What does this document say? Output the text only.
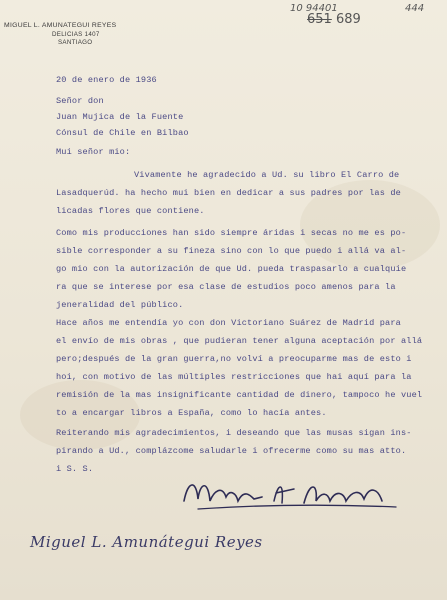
10 94401	444
651 689
MIGUEL L. AMUNATEGUI REYES
DELICIAS 1407
SANTIAGO
20 de enero de 1936
Señor don
Juan Mujica de la Fuente
Cónsul de Chile en Bilbao
Mui señor mio:
Vivamente he agradecido a Ud. su libro El Carro de
Lasadquerúd. ha hecho mui bien en dedicar a sus padres por las de
licadas flores que contiene.
Como mis producciones han sido siempre áridas i secas no me es po-
sible corresponder a su fineza sino con lo que puedo i allá va al-
go mio con la autorización de que Ud. pueda traspasarlo a cualquie
ra que se interese por esa clase de estudios poco amenos para la
jeneralidad del público.
Hace años me entendía yo con don Victoriano Suárez de Madrid para
el envío de mis obras , que pudieran tener alguna aceptación por allá
pero;después de la gran guerra,no volví a preocuparme mas de esto i
hoi, con motivo de las múltiples restricciones que hai aquí para la
remisión de la mas insignificante cantidad de dinero, tampoco he vuel
to a encargar libros a España, como lo hacía antes.
Reiterando mis agradecimientos, i deseando que las musas sigan ins-
pirando a Ud., complázcome saludarle i ofrecerme como su mas atto.
i S. S.
Miguel L. Amunátegui Reyes
